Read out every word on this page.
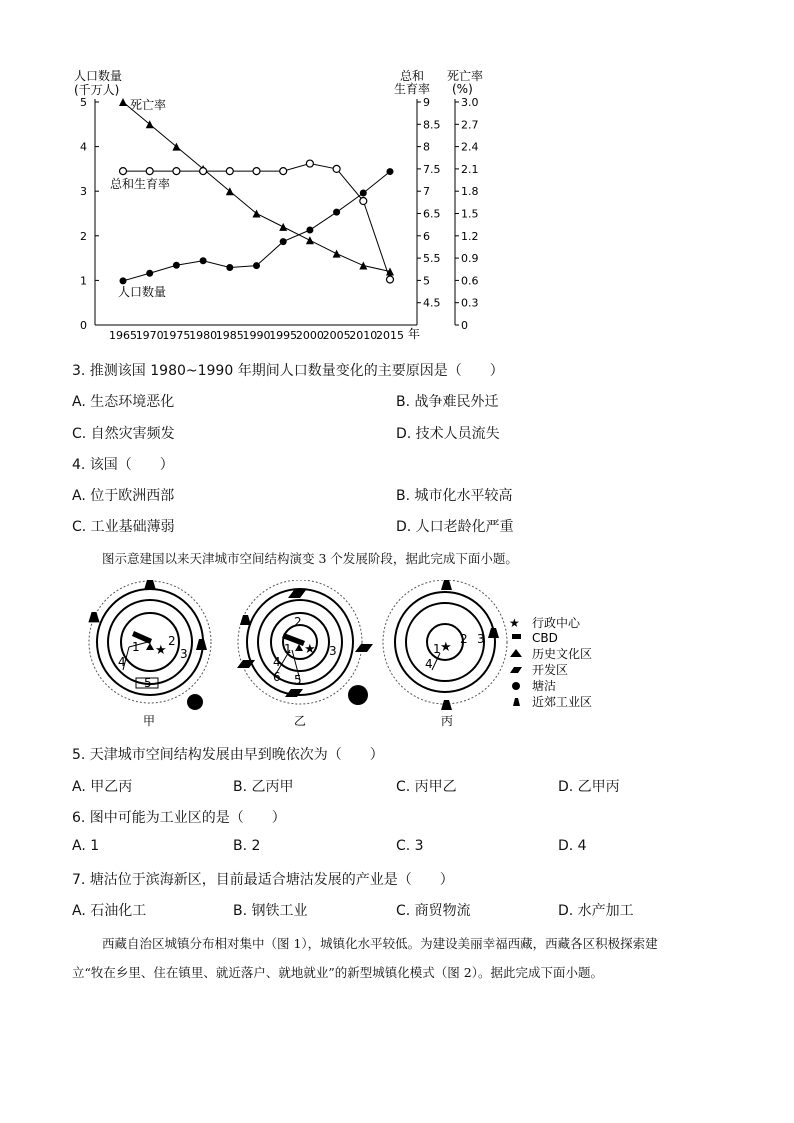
0
1
2
3
4
5
4.5
5
5.5
6
6.5
7
7.5
8
8.5
9
0
0.3
0.6
0.9
1.2
1.5
1.8
2.1
2.4
2.7
3.0
1965
1970
1975
1980
1985
1990
1995
2000
2005
2010
2015
人口数量
(千万人)
总和
生育率
死亡率
(%)
年
死亡率
总和生育率
人口数量
3. 推测该国 1980~1990 年期间人口数量变化的主要原因是（　　）
A. 生态环境恶化	B. 战争难民外迁
C. 自然灾害频发	D. 技术人员流失
4. 该国（　　）
A. 位于欧洲西部	B. 城市化水平较高
C. 工业基础薄弱	D. 人口老龄化严重
图示意建国以来天津城市空间结构演变 3 个发展阶段，据此完成下面小题。
★
1 2
3
4
5
甲
★
2
1	3
4
6 5
乙
★
1
2 3
4
丙
★ 行政中心
CBD
历史文化区
开发区
塘沽
近郊工业区
5. 天津城市空间结构发展由早到晚依次为（　　）
A. 甲乙丙	B. 乙丙甲	C. 丙甲乙	D. 乙甲丙
6. 图中可能为工业区的是（　　）
A. 1	B. 2	C. 3	D. 4
7. 塘沽位于滨海新区，目前最适合塘沽发展的产业是（　　）
A. 石油化工	B. 钢铁工业	C. 商贸物流	D. 水产加工
西藏自治区城镇分布相对集中（图 1），城镇化水平较低。为建设美丽幸福西藏，西藏各区积极探索建
立“牧在乡里、住在镇里、就近落户、就地就业”的新型城镇化模式（图 2）。据此完成下面小题。
